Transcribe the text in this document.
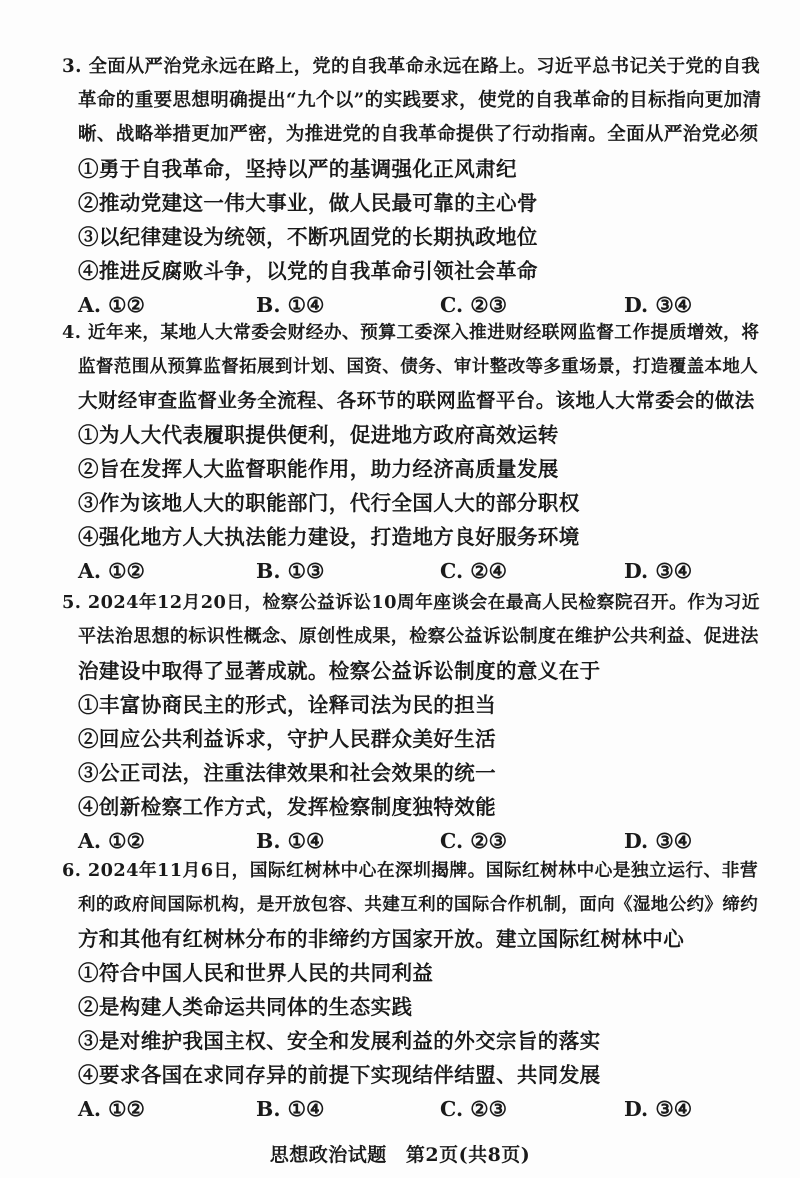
3. 全面从严治党永远在路上，党的自我革命永远在路上。习近平总书记关于党的自我
革命的重要思想明确提出“九个以”的实践要求，使党的自我革命的目标指向更加清
晰、战略举措更加严密，为推进党的自我革命提供了行动指南。全面从严治党必须
①勇于自我革命，坚持以严的基调强化正风肃纪
②推动党建这一伟大事业，做人民最可靠的主心骨
③以纪律建设为统领，不断巩固党的长期执政地位
④推进反腐败斗争，以党的自我革命引领社会革命
A. ①②	B. ①④	C. ②③	D. ③④
4. 近年来，某地人大常委会财经办、预算工委深入推进财经联网监督工作提质增效，将
监督范围从预算监督拓展到计划、国资、债务、审计整改等多重场景，打造覆盖本地人
大财经审查监督业务全流程、各环节的联网监督平台。该地人大常委会的做法
①为人大代表履职提供便利，促进地方政府高效运转
②旨在发挥人大监督职能作用，助力经济高质量发展
③作为该地人大的职能部门，代行全国人大的部分职权
④强化地方人大执法能力建设，打造地方良好服务环境
A. ①②	B. ①③	C. ②④	D. ③④
5. 2024年12月20日，检察公益诉讼10周年座谈会在最高人民检察院召开。作为习近
平法治思想的标识性概念、原创性成果，检察公益诉讼制度在维护公共利益、促进法
治建设中取得了显著成就。检察公益诉讼制度的意义在于
①丰富协商民主的形式，诠释司法为民的担当
②回应公共利益诉求，守护人民群众美好生活
③公正司法，注重法律效果和社会效果的统一
④创新检察工作方式，发挥检察制度独特效能
A. ①②	B. ①④	C. ②③	D. ③④
6. 2024年11月6日，国际红树林中心在深圳揭牌。国际红树林中心是独立运行、非营
利的政府间国际机构，是开放包容、共建互利的国际合作机制，面向《湿地公约》缔约
方和其他有红树林分布的非缔约方国家开放。建立国际红树林中心
①符合中国人民和世界人民的共同利益
②是构建人类命运共同体的生态实践
③是对维护我国主权、安全和发展利益的外交宗旨的落实
④要求各国在求同存异的前提下实现结伴结盟、共同发展
A. ①②	B. ①④	C. ②③	D. ③④
思想政治试题 第2页(共8页)
